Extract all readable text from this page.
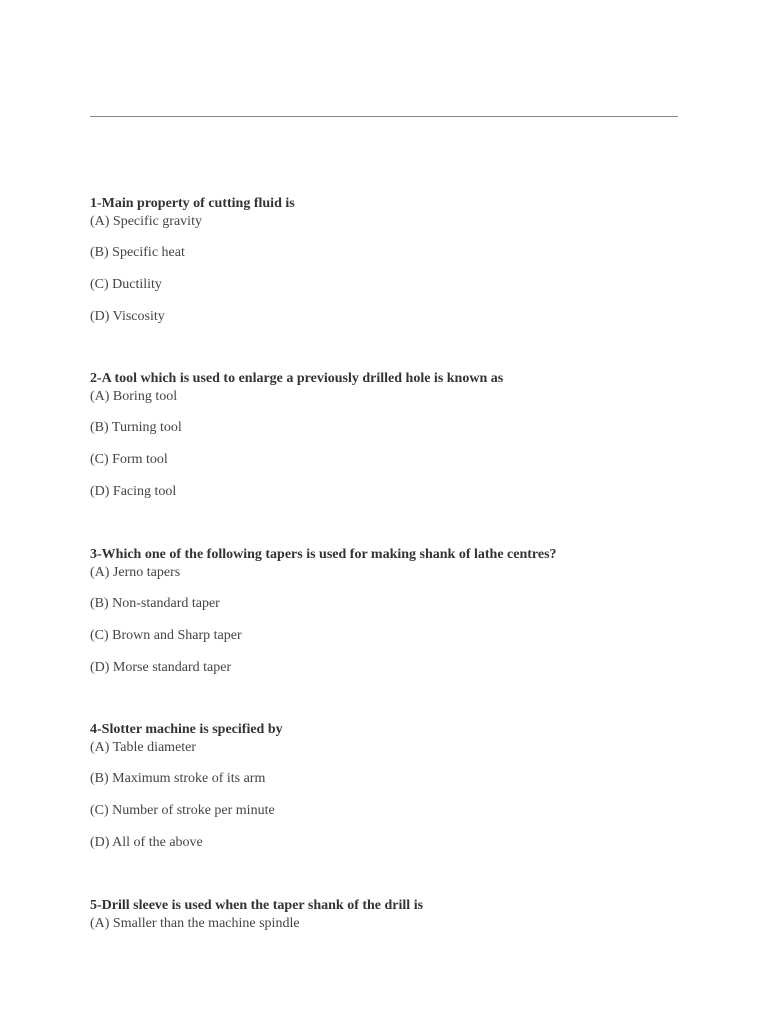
1-Main property of cutting fluid is
(A) Specific gravity
(B) Specific heat
(C) Ductility
(D) Viscosity
2-A tool which is used to enlarge a previously drilled hole is known as
(A) Boring tool
(B) Turning tool
(C) Form tool
(D) Facing tool
3-Which one of the following tapers is used for making shank of lathe centres?
(A) Jerno tapers
(B) Non-standard taper
(C) Brown and Sharp taper
(D) Morse standard taper
4-Slotter machine is specified by
(A) Table diameter
(B) Maximum stroke of its arm
(C) Number of stroke per minute
(D) All of the above
5-Drill sleeve is used when the taper shank of the drill is
(A) Smaller than the machine spindle
